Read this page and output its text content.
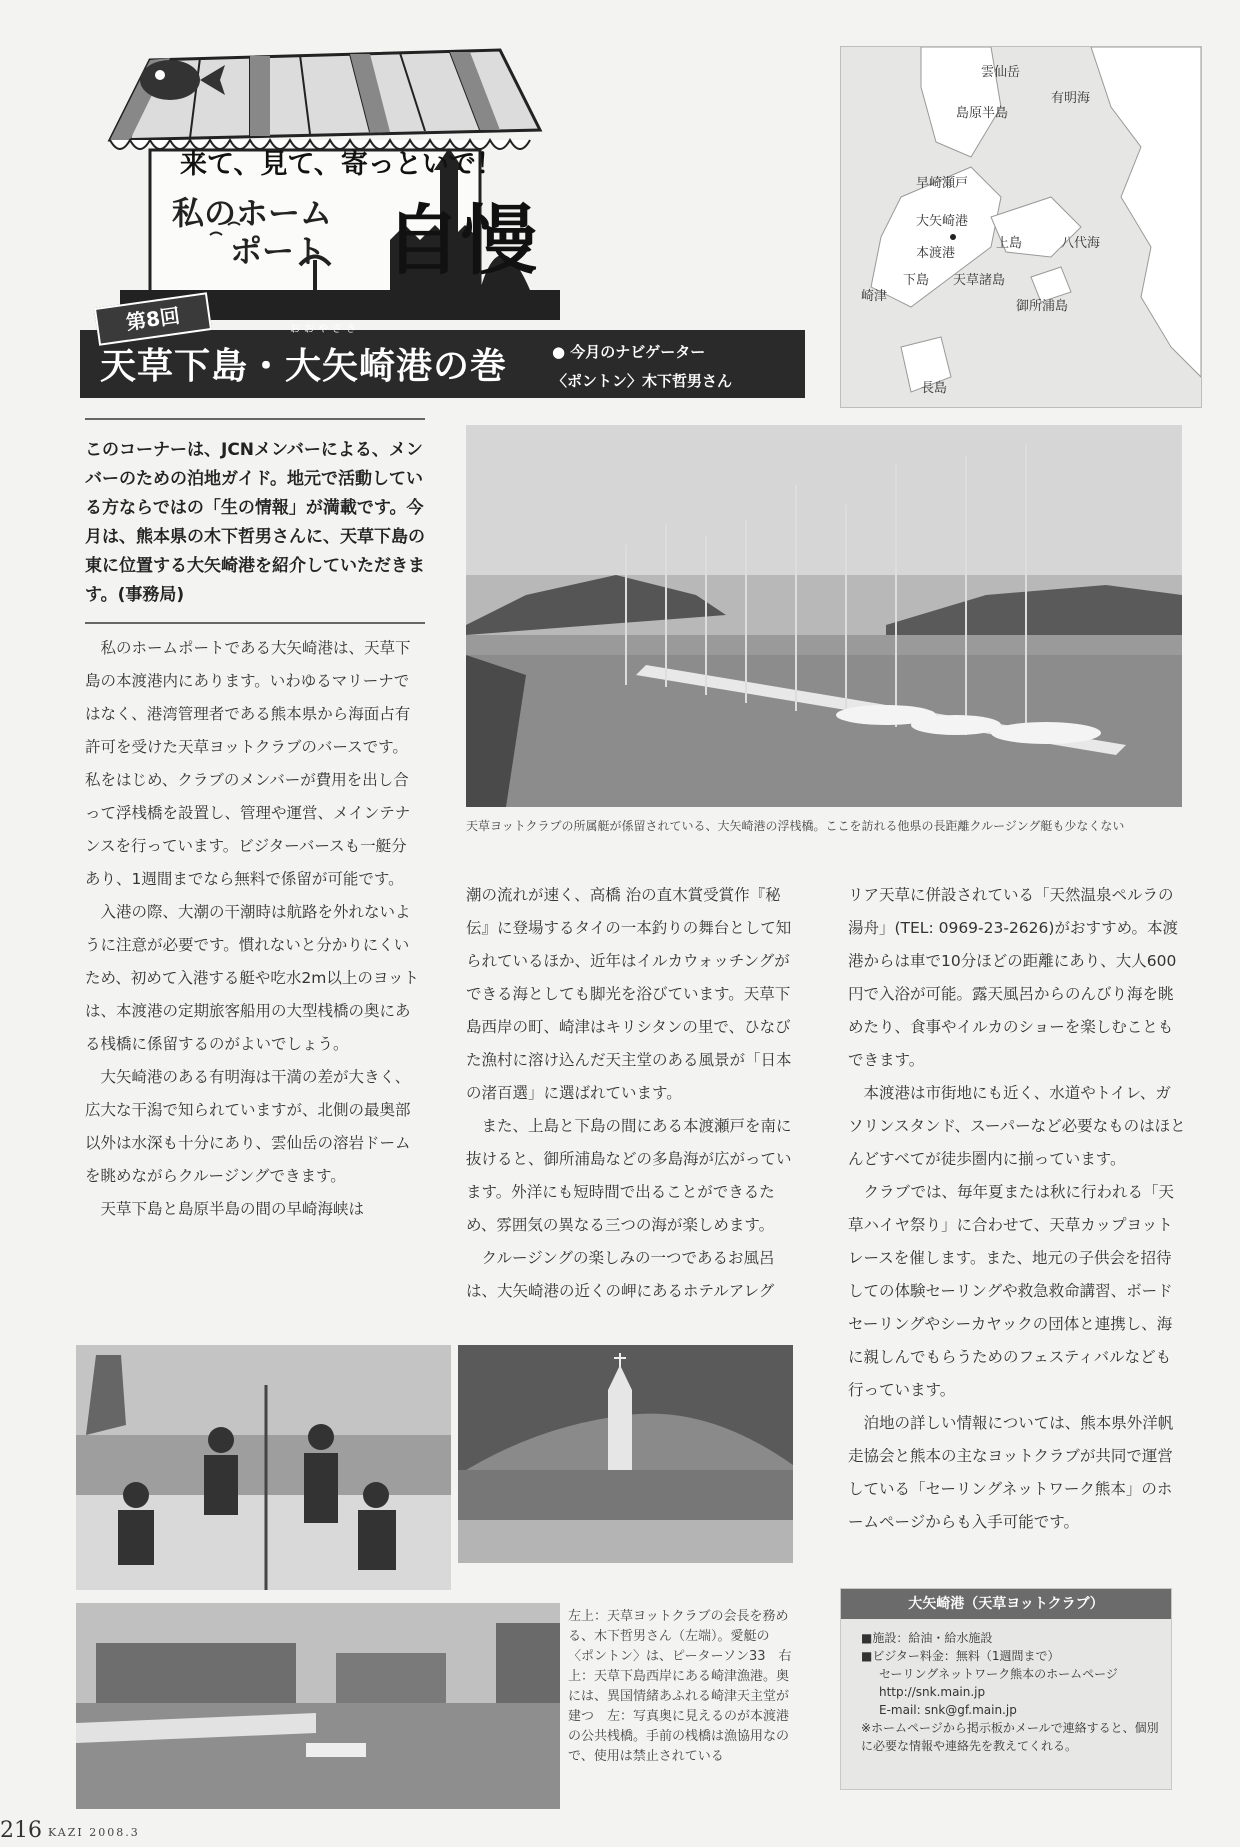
来て、見て、寄っといで！
私のホーム
ポート 自慢
第8回	おおやざき
天草下島・大矢崎港の巻	● 今月のナビゲーター
〈ポントン〉木下哲男さん
雲仙岳
有明海
島原半島
早崎瀬戸
大矢崎港
本渡港
上島	八代海
下島 天草諸島
崎津
御所浦島
長島
このコーナーは、JCNメンバーによる、メンバーのための泊地ガイド。地元で活動している方ならではの「生の情報」が満載です。今月は、熊本県の木下哲男さんに、天草下島の東に位置する大矢崎港を紹介していただきます。(事務局)
天草ヨットクラブの所属艇が係留されている、大矢崎港の浮桟橋。ここを訪れる他県の長距離クルージング艇も少なくない

私のホームポートである大矢崎港は、天草下島の本渡港内にあります。いわゆるマリーナではなく、港湾管理者である熊本県から海面占有許可を受けた天草ヨットクラブのバースです。私をはじめ、クラブのメンバーが費用を出し合って浮桟橋を設置し、管理や運営、メインテナンスを行っています。ビジターバースも一艇分あり、1週間までなら無料で係留が可能です。

入港の際、大潮の干潮時は航路を外れないように注意が必要です。慣れないと分かりにくいため、初めて入港する艇や吃水2m以上のヨットは、本渡港の定期旅客船用の大型桟橋の奥にある桟橋に係留するのがよいでしょう。

大矢崎港のある有明海は干満の差が大きく、広大な干潟で知られていますが、北側の最奥部以外は水深も十分にあり、雲仙岳の溶岩ドームを眺めながらクルージングできます。

天草下島と島原半島の間の早崎海峡は

潮の流れが速く、高橋 治の直木賞受賞作『秘伝』に登場するタイの一本釣りの舞台として知られているほか、近年はイルカウォッチングができる海としても脚光を浴びています。天草下島西岸の町、崎津はキリシタンの里で、ひなびた漁村に溶け込んだ天主堂のある風景が「日本の渚百選」に選ばれています。

また、上島と下島の間にある本渡瀬戸を南に抜けると、御所浦島などの多島海が広がっています。外洋にも短時間で出ることができるため、雰囲気の異なる三つの海が楽しめます。

クルージングの楽しみの一つであるお風呂は、大矢崎港の近くの岬にあるホテルアレグ

リア天草に併設されている「天然温泉ペルラの湯舟」(TEL: 0969-23-2626)がおすすめ。本渡港からは車で10分ほどの距離にあり、大人600円で入浴が可能。露天風呂からのんびり海を眺めたり、食事やイルカのショーを楽しむこともできます。

本渡港は市街地にも近く、水道やトイレ、ガソリンスタンド、スーパーなど必要なものはほとんどすべてが徒歩圏内に揃っています。

クラブでは、毎年夏または秋に行われる「天草ハイヤ祭り」に合わせて、天草カップヨットレースを催します。また、地元の子供会を招待しての体験セーリングや救急救命講習、ボードセーリングやシーカヤックの団体と連携し、海に親しんでもらうためのフェスティバルなども行っています。

泊地の詳しい情報については、熊本県外洋帆走協会と熊本の主なヨットクラブが共同で運営している「セーリングネットワーク熊本」のホームページからも入手可能です。

左上：天草ヨットクラブの会長を務める、木下哲男さん（左端）。愛艇の〈ポントン〉は、ピーターソン33　右上：天草下島西岸にある崎津漁港。奥には、異国情緒あふれる崎津天主堂が建つ　左：写真奥に見えるのが本渡港の公共桟橋。手前の桟橋は漁協用なので、使用は禁止されている
大矢崎港（天草ヨットクラブ）
■施設：給油・給水施設
■ビジター料金：無料（1週間まで）
セーリングネットワーク熊本のホームページ
http://snk.main.jp
E-mail: snk@gf.main.jp
※ホームページから掲示板かメールで連絡すると、個別に必要な情報や連絡先を教えてくれる。
216 KAZI 2008.3
